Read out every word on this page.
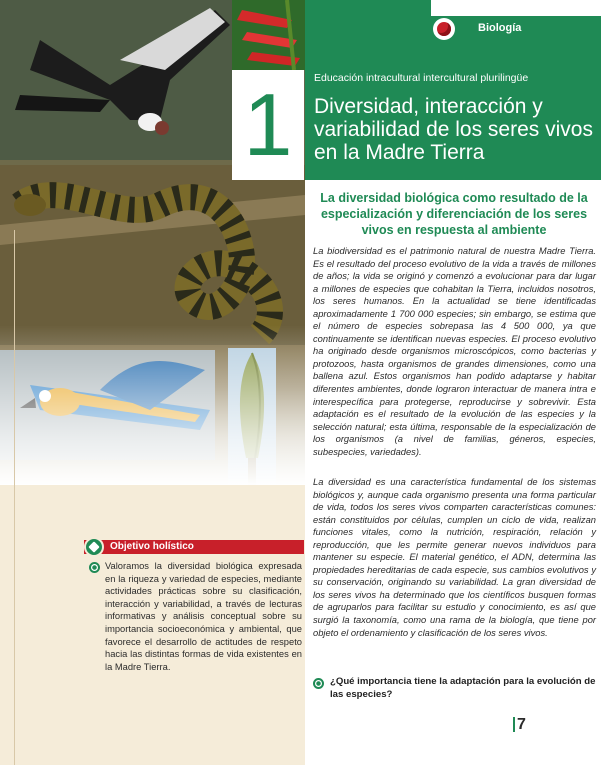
Biología
1 Educación intracultural intercultural plurilingüe
Diversidad, interacción y variabilidad de los seres vivos en la Madre Tierra
La diversidad biológica como resultado de la especialización y diferenciación de los seres vivos en respuesta al ambiente

La biodiversidad es el patrimonio natural de nuestra Madre Tierra. Es el resultado del proceso evolutivo de la vida a través de millones de años; la vida se originó y comenzó a evolucionar para dar lugar a millones de especies que cohabitan la Tierra, incluidos nosotros, los seres humanos. En la actualidad se tiene identificadas aproximadamente 1 700 000 especies; sin embargo, se estima que el número de especies sobrepasa las 4 500 000, ya que continuamente se identifican nuevas especies. El proceso evolutivo ha originado desde organismos microscópicos, como bacterias y protozoos, hasta organismos de grandes dimensiones, como una ballena azul. Estos organismos han podido adaptarse y habitar diferentes ambientes, donde lograron interactuar de manera intra e interespecífica para protegerse, reproducirse y sobrevivir. Esta adaptación es el resultado de la evolución de las especies y la selección natural; esta última, responsable de la especialización de los organismos (a nivel de familias, géneros, especies, subespecies, variedades).

La diversidad es una característica fundamental de los sistemas biológicos y, aunque cada organismo presenta una forma particular de vida, todos los seres vivos comparten características comunes: están constituidos por células, cumplen un ciclo de vida, realizan funciones vitales, como la nutrición, respiración, relación y reproducción, que les permite generar nuevos individuos para mantener su especie. El material genético, el ADN, determina las propiedades hereditarias de cada especie, sus cambios evolutivos y su conservación, originando su variabilidad. La gran diversidad de los seres vivos ha determinado que los científicos busquen formas de agruparlos para facilitar su estudio y conocimiento, es así que surgió la taxonomía, como una rama de la biología, que tiene por objeto el ordenamiento y clasificación de los seres vivos.

¿Qué importancia tiene la adaptación para la evolución de las especies?
7
Objetivo holístico

Valoramos la diversidad biológica expresada en la riqueza y variedad de especies, mediante actividades prácticas sobre su clasificación, interacción y variabilidad, a través de lecturas informativas y análisis conceptual sobre su importancia socioeconómica y ambiental, que favorece el desarrollo de actitudes de respeto hacia las distintas formas de vida existentes en la Madre Tierra.
